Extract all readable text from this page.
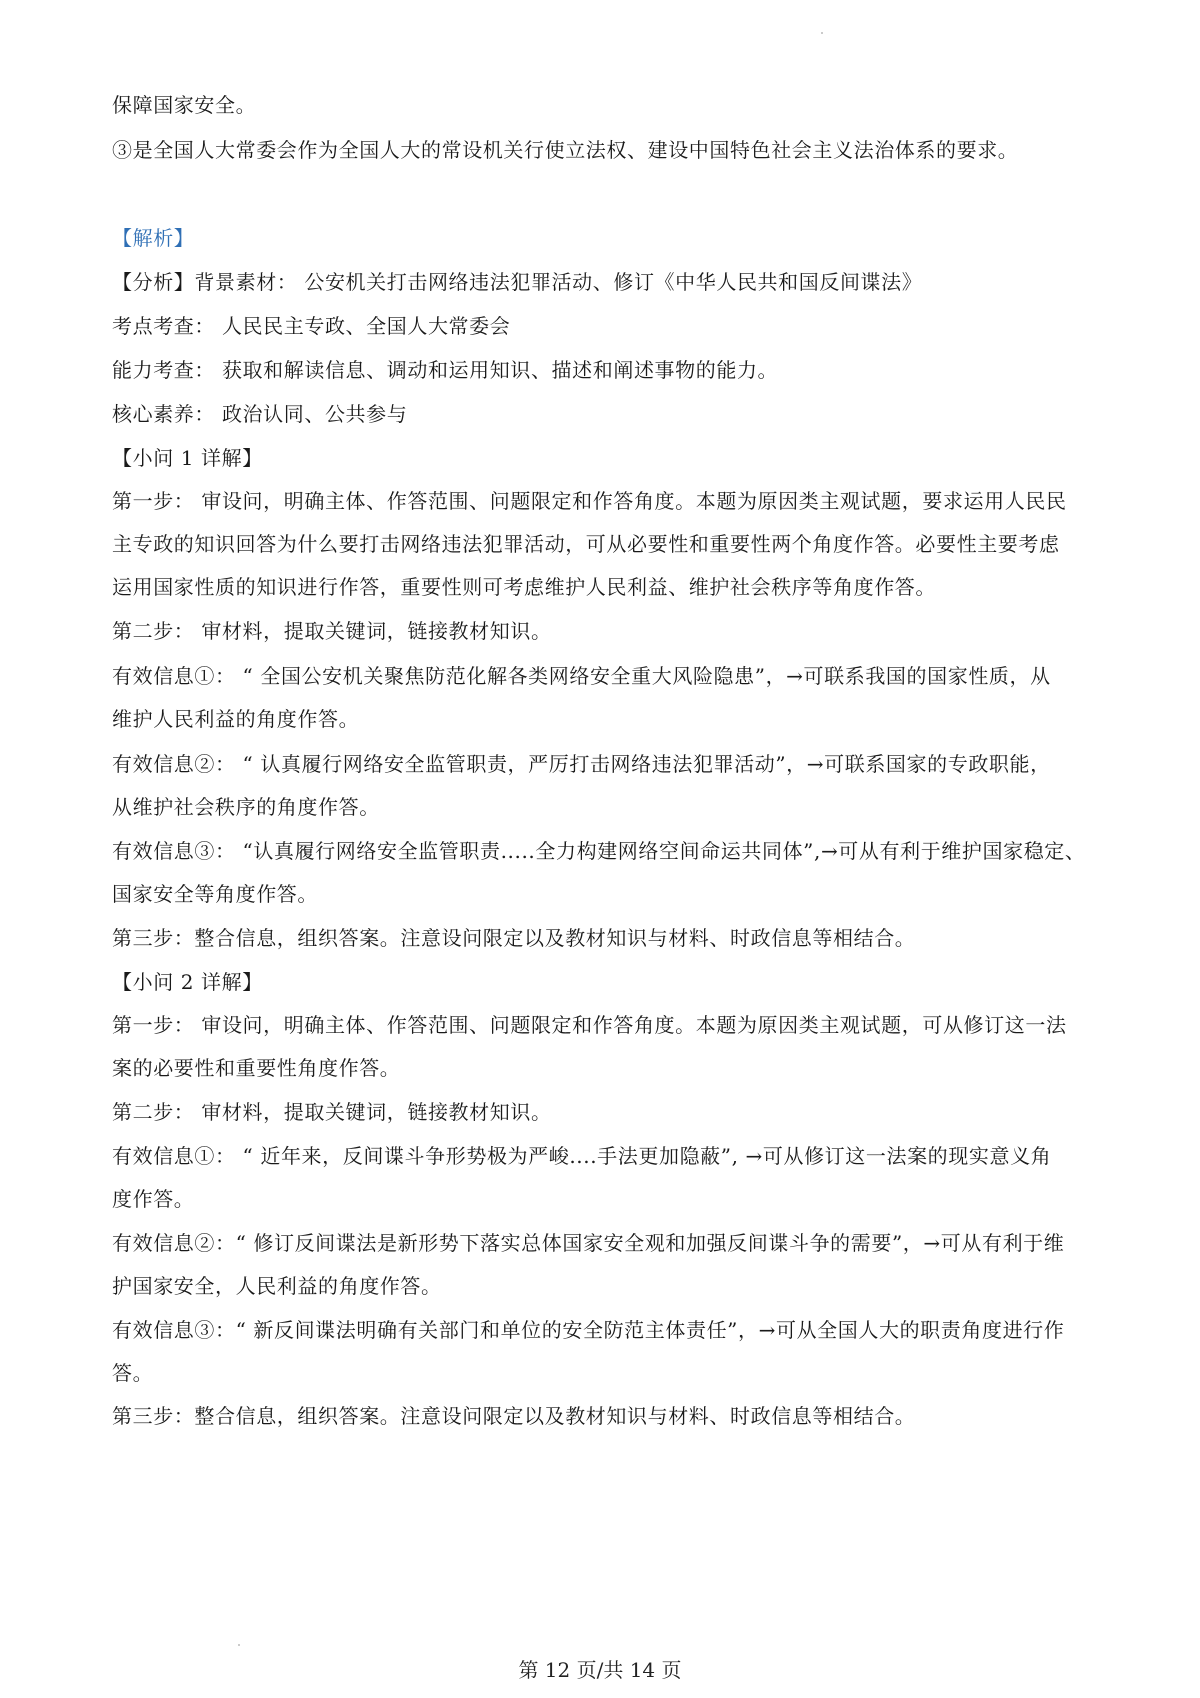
保障国家安全。
③是全国人大常委会作为全国人大的常设机关行使立法权、建设中国特色社会主义法治体系的要求。
【解析】
【分析】背景素材： 公安机关打击网络违法犯罪活动、修订《中华人民共和国反间谍法》
考点考查： 人民民主专政、全国人大常委会
能力考查： 获取和解读信息、调动和运用知识、描述和阐述事物的能力。
核心素养： 政治认同、公共参与
【小问 1 详解】
第一步： 审设问，明确主体、作答范围、问题限定和作答角度。本题为原因类主观试题，要求运用人民民
主专政的知识回答为什么要打击网络违法犯罪活动，可从必要性和重要性两个角度作答。必要性主要考虑
运用国家性质的知识进行作答，重要性则可考虑维护人民利益、维护社会秩序等角度作答。
第二步： 审材料，提取关键词，链接教材知识。
有效信息①： “ 全国公安机关聚焦防范化解各类网络安全重大风险隐患”，→可联系我国的国家性质，从
维护人民利益的角度作答。
有效信息②： “ 认真履行网络安全监管职责，严厉打击网络违法犯罪活动”，→可联系国家的专政职能，
从维护社会秩序的角度作答。
有效信息③： “认真履行网络安全监管职责.....全力构建网络空间命运共同体”,→可从有利于维护国家稳定、
国家安全等角度作答。
第三步：整合信息，组织答案。注意设问限定以及教材知识与材料、时政信息等相结合。
【小问 2 详解】
第一步： 审设问，明确主体、作答范围、问题限定和作答角度。本题为原因类主观试题，可从修订这一法
案的必要性和重要性角度作答。
第二步： 审材料，提取关键词，链接教材知识。
有效信息①： “ 近年来，反间谍斗争形势极为严峻....手法更加隐蔽”, →可从修订这一法案的现实意义角
度作答。
有效信息②：“ 修订反间谍法是新形势下落实总体国家安全观和加强反间谍斗争的需要”，→可从有利于维
护国家安全，人民利益的角度作答。
有效信息③：“ 新反间谍法明确有关部门和单位的安全防范主体责任”，→可从全国人大的职责角度进行作
答。
第三步：整合信息，组织答案。注意设问限定以及教材知识与材料、时政信息等相结合。
第 12 页/共 14 页
